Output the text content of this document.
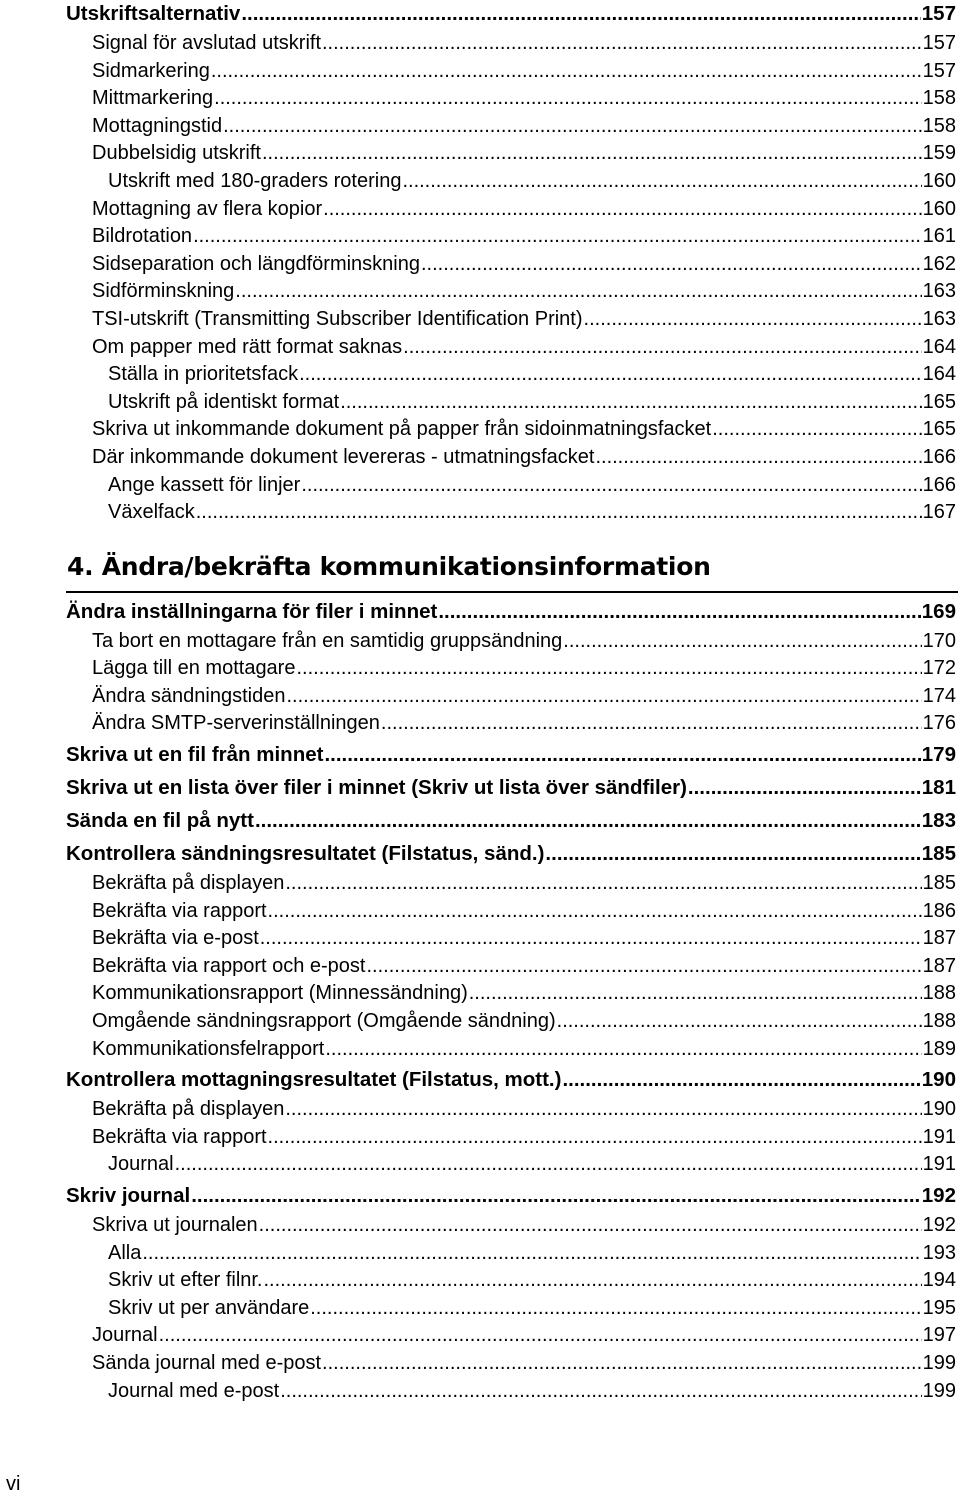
Utskriftsalternativ .....	157
Signal för avslutad utskrift .....	157
Sidmarkering .....	157
Mittmarkering .....	158
Mottagningstid .....	158
Dubbelsidig utskrift .....	159
Utskrift med 180-graders rotering .....	160
Mottagning av flera kopior .....	160
Bildrotation .....	161
Sidseparation och längdförminskning .....	162
Sidförminskning .....	163
TSI-utskrift (Transmitting Subscriber Identification Print) .....	163
Om papper med rätt format saknas .....	164
Ställa in prioritetsfack .....	164
Utskrift på identiskt format .....	165
Skriva ut inkommande dokument på papper från sidoinmatningsfacket .....	165
Där inkommande dokument levereras - utmatningsfacket .....	166
Ange kassett för linjer .....	166
Växelfack .....	167
4. Ändra/bekräfta kommunikationsinformation
Ändra inställningarna för filer i minnet .....	169
Ta bort en mottagare från en samtidig gruppsändning .....	170
Lägga till en mottagare .....	172
Ändra sändningstiden .....	174
Ändra SMTP-serverinställningen .....	176
Skriva ut en fil från minnet .....	179
Skriva ut en lista över filer i minnet (Skriv ut lista över sändfiler) .....	181
Sända en fil på nytt .....	183
Kontrollera sändningsresultatet (Filstatus, sänd.) .....	185
Bekräfta på displayen .....	185
Bekräfta via rapport .....	186
Bekräfta via e-post .....	187
Bekräfta via rapport och e-post .....	187
Kommunikationsrapport (Minnessändning) .....	188
Omgående sändningsrapport (Omgående sändning) .....	188
Kommunikationsfelrapport .....	189
Kontrollera mottagningsresultatet (Filstatus, mott.) .....	190
Bekräfta på displayen .....	190
Bekräfta via rapport .....	191
Journal .....	191
Skriv journal .....	192
Skriva ut journalen .....	192
Alla .....	193
Skriv ut efter filnr. .....	194
Skriv ut per användare .....	195
Journal .....	197
Sända journal med e-post .....	199
Journal med e-post .....	199
vi
